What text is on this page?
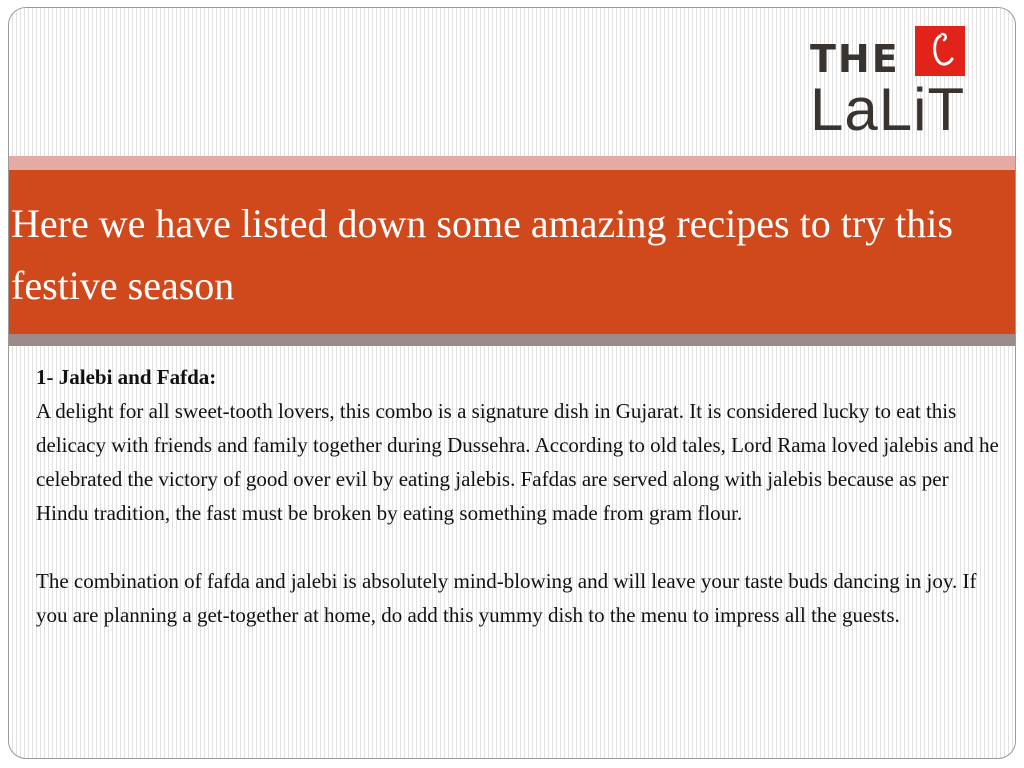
THE
LaLiT
Here we have listed down some amazing recipes to try this festive season

1- Jalebi and Fafda:

A delight for all sweet-tooth lovers, this combo is a signature dish in Gujarat. It is considered lucky to eat this delicacy with friends and family together during Dussehra. According to old tales, Lord Rama loved jalebis and he celebrated the victory of good over evil by eating jalebis. Fafdas are served along with jalebis because as per Hindu tradition, the fast must be broken by eating something made from gram flour.

The combination of fafda and jalebi is absolutely mind-blowing and will leave your taste buds dancing in joy. If you are planning a get-together at home, do add this yummy dish to the menu to impress all the guests.
